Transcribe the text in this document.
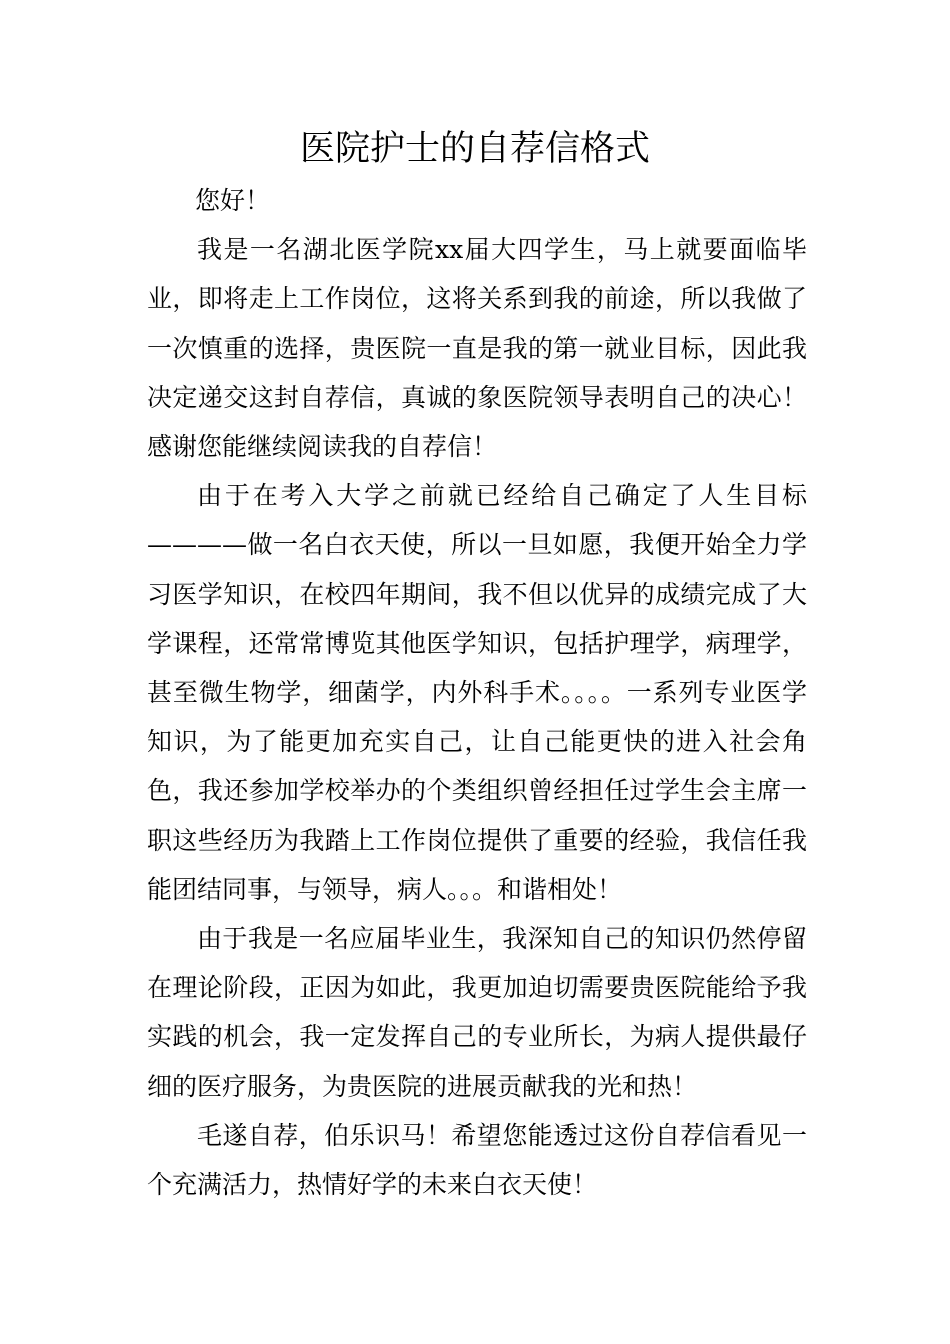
医院护士的自荐信格式

您好！

我是一名湖北医学院xx届大四学生，马上就要面临毕业，即将走上工作岗位，这将关系到我的前途，所以我做了一次慎重的选择，贵医院一直是我的第一就业目标，因此我决定递交这封自荐信，真诚的象医院领导表明自己的决心！感谢您能继续阅读我的自荐信！

由于在考入大学之前就已经给自己确定了人生目标————做一名白衣天使，所以一旦如愿，我便开始全力学习医学知识，在校四年期间，我不但以优异的成绩完成了大学课程，还常常博览其他医学知识，包括护理学，病理学，甚至微生物学，细菌学，内外科手术。。。。一系列专业医学知识，为了能更加充实自己，让自己能更快的进入社会角色，我还参加学校举办的个类组织曾经担任过学生会主席一职这些经历为我踏上工作岗位提供了重要的经验，我信任我能团结同事，与领导，病人。。。和谐相处！

由于我是一名应届毕业生，我深知自己的知识仍然停留在理论阶段，正因为如此，我更加迫切需要贵医院能给予我实践的机会，我一定发挥自己的专业所长，为病人提供最仔细的医疗服务，为贵医院的进展贡献我的光和热！

毛遂自荐，伯乐识马！希望您能透过这份自荐信看见一个充满活力，热情好学的未来白衣天使！
